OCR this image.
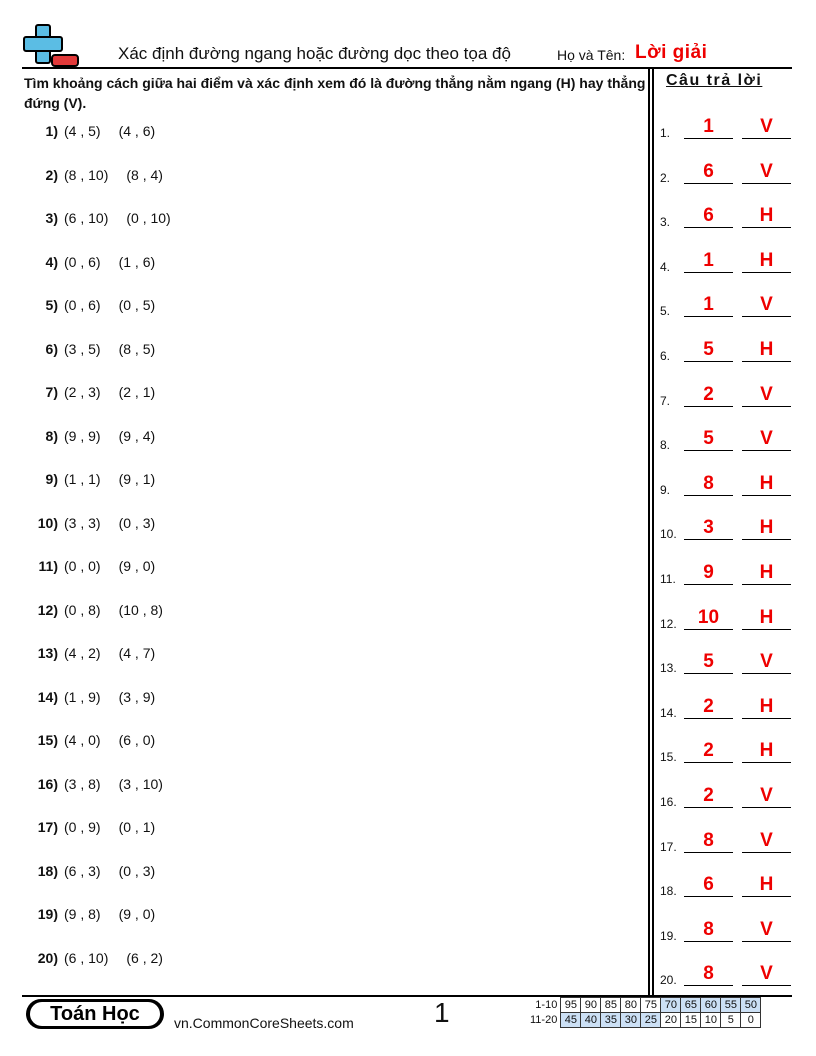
Xác định đường ngang hoặc đường dọc theo tọa độ	Họ và Tên: Lời giải
Tìm khoảng cách giữa hai điểm và xác định xem đó là đường thẳng nằm ngang (H) hay thẳng đứng (V).
Câu trả lời
1) (4 , 5) (4 , 6)
2) (8 , 10) (8 , 4)
3) (6 , 10) (0 , 10)
4) (0 , 6) (1 , 6)
5) (0 , 6) (0 , 5)
6) (3 , 5) (8 , 5)
7) (2 , 3) (2 , 1)
8) (9 , 9) (9 , 4)
9) (1 , 1) (9 , 1)
10) (3 , 3) (0 , 3)
11) (0 , 0) (9 , 0)
12) (0 , 8) (10 , 8)
13) (4 , 2) (4 , 7)
14) (1 , 9) (3 , 9)
15) (4 , 0) (6 , 0)
16) (3 , 8) (3 , 10)
17) (0 , 9) (0 , 1)
18) (6 , 3) (0 , 3)
19) (9 , 8) (9 , 0)
20) (6 , 10) (6 , 2)
1.	1	V
2.	6	V
3.	6	H
4.	1	H
5.	1	V
6.	5	H
7.	2	V
8.	5	V
9.	8	H
10.	3	H
11.	9	H
12.	10	H
13.	5	V
14.	2	H
15.	2	H
16.	2	V
17.	8	V
18.	6	H
19.	8	V
20.	8	V
Toán Học	vn.CommonCoreSheets.com	1	1-10	95	90	85	80	75	70	65	60	55	50
11-20	45	40	35	30	25	20	15	10	5	0
